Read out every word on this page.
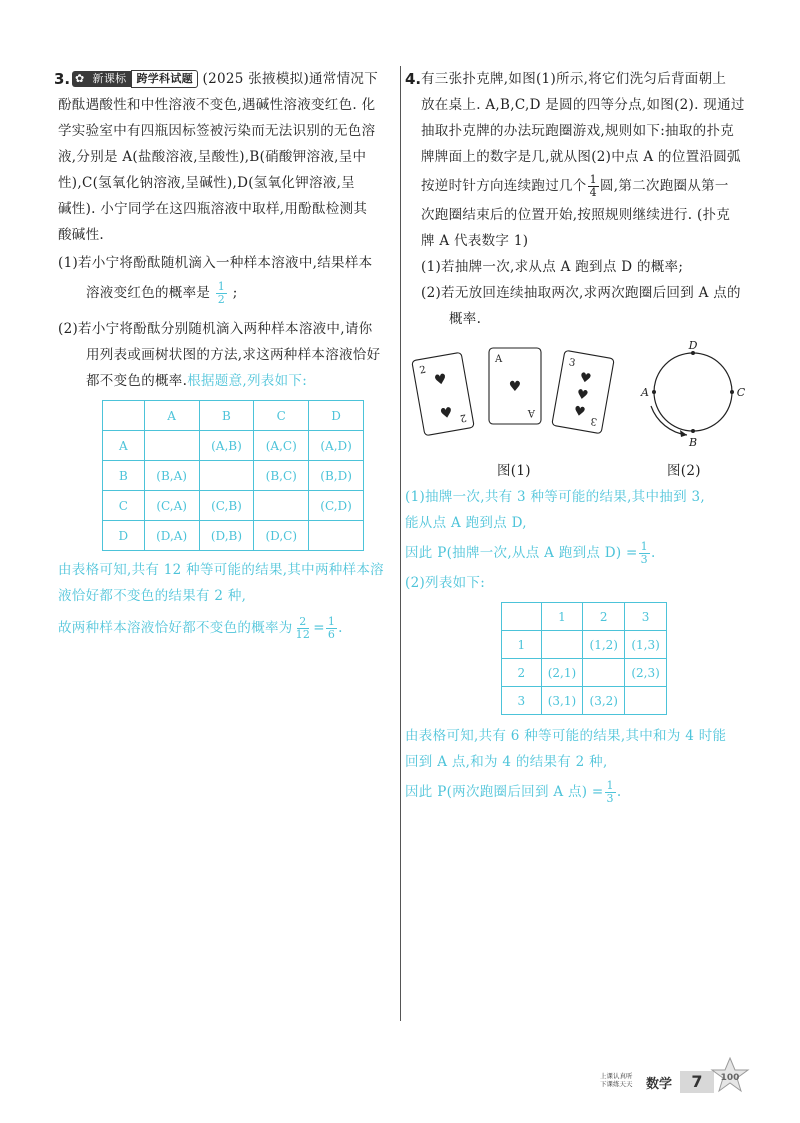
3. ✿ 新课标 跨学科试题 (2025 张掖模拟)通常情况下
酚酞遇酸性和中性溶液不变色,遇碱性溶液变红色. 化
学实验室中有四瓶因标签被污染而无法识别的无色溶
液,分别是 A(盐酸溶液,呈酸性),B(硝酸钾溶液,呈中
性),C(氢氧化钠溶液,呈碱性),D(氢氧化钾溶液,呈
碱性). 小宁同学在这四瓶溶液中取样,用酚酞检测其
酸碱性.
(1)若小宁将酚酞随机滴入一种样本溶液中,结果样本
溶液变红色的概率是 $\frac{1}{2}$ ;
(2)若小宁将酚酞分别随机滴入两种样本溶液中,请你
用列表或画树状图的方法,求这两种样本溶液恰好
都不变色的概率.根据题意,列表如下:
	A	B	C	D
A		(A,B)	(A,C)	(A,D)
B	(B,A)		(B,C)	(B,D)
C	(C,A)	(C,B)		(C,D)
D	(D,A)	(D,B)	(D,C)	
由表格可知,共有 12 种等可能的结果,其中两种样本溶
液恰好都不变色的结果有 2 种,
故两种样本溶液恰好都不变色的概率为 $\frac{2}{12} = \frac{1}{6}$ .
4. 有三张扑克牌,如图(1)所示,将它们洗匀后背面朝上
放在桌上. A,B,C,D 是圆的四等分点,如图(2). 现通过
抽取扑克牌的办法玩跑圈游戏,规则如下:抽取的扑克
牌牌面上的数字是几,就从图(2)中点 A 的位置沿圆弧
按逆时针方向连续跑过几个 $\frac{1}{4}$ 圆,第二次跑圈从第一
次跑圈结束后的位置开始,按照规则继续进行. (扑克
牌 A 代表数字 1)
(1)若抽牌一次,求从点 A 跑到点 D 的概率;
(2)若无放回连续抽取两次,求两次跑圈后回到 A 点的
概率.
2
♥
♥ 2
A
♥
A
3
♥
♥
♥
3
D
A	C
B
图(1)	图(2)
(1)抽牌一次,共有 3 种等可能的结果,其中抽到 3,
能从点 A 跑到点 D,
因此 P(抽牌一次,从点 A 跑到点 $D) = \frac{1}{3}$ .
(2)列表如下:
	1	2	3
1		(1,2)	(1,3)
2	(2,1)		(2,3)
3	(3,1)	(3,2)	
由表格可知,共有 6 种等可能的结果,其中和为 4 时能
回到 A 点,和为 4 的结果有 2 种,
因此 P(两次跑圈后回到 A 点) = $\frac{1}{3}$ .
上课认真听
下课练天天 数学	7	100
